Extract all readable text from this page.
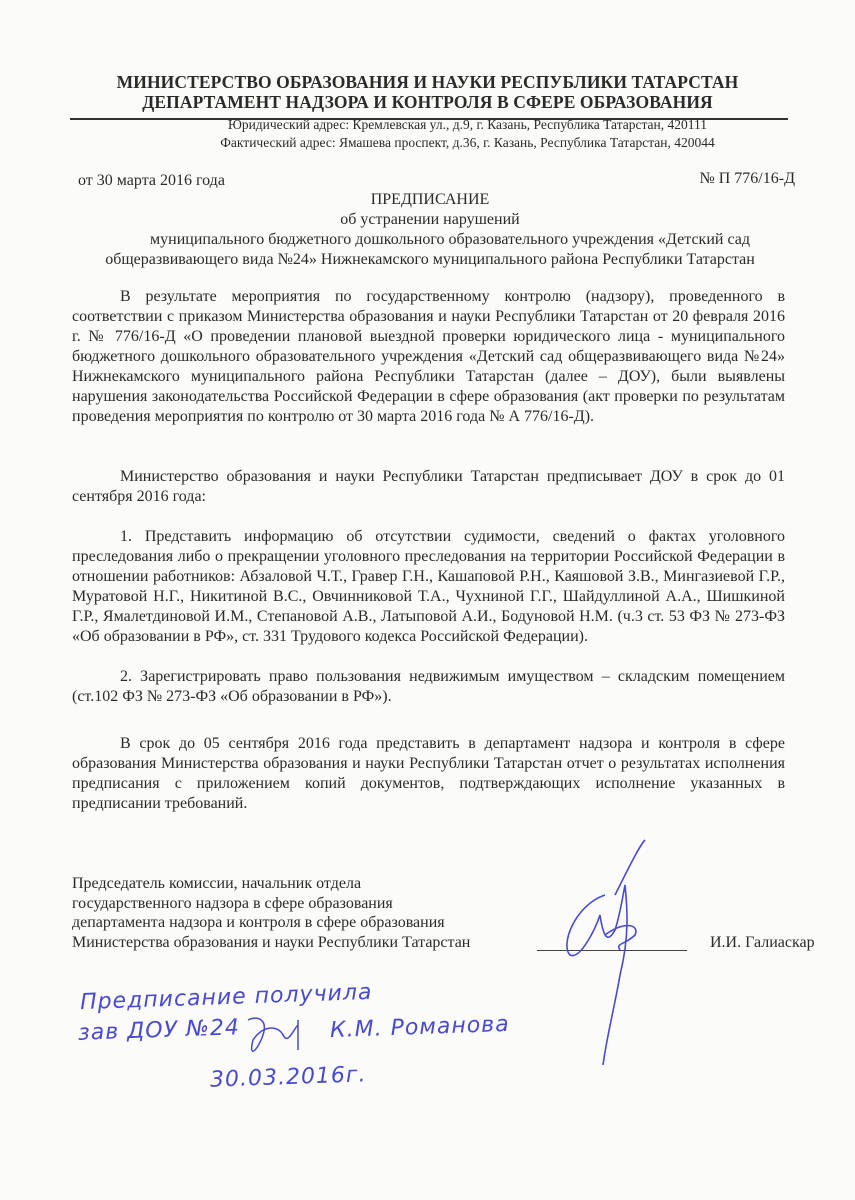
МИНИСТЕРСТВО ОБРАЗОВАНИЯ И НАУКИ РЕСПУБЛИКИ ТАТАРСТАН
ДЕПАРТАМЕНТ НАДЗОРА И КОНТРОЛЯ В СФЕРЕ ОБРАЗОВАНИЯ
Юридический адрес: Кремлевская ул., д.9, г. Казань, Республика Татарстан, 420111
Фактический адрес: Ямашева проспект, д.36, г. Казань, Республика Татарстан, 420044
от 30 марта 2016 года	№ П 776/16-Д
ПРЕДПИСАНИЕ
об устранении нарушений
муниципального бюджетного дошкольного образовательного учреждения «Детский сад
общеразвивающего вида №24» Нижнекамского муниципального района Республики Татарстан
В результате мероприятия по государственному контролю (надзору), проведенного в соответствии с приказом Министерства образования и науки Республики Татарстан от 20 февраля 2016 г. № 776/16-Д «О проведении плановой выездной проверки юридического лица - муниципального бюджетного дошкольного образовательного учреждения «Детский сад общеразвивающего вида №24» Нижнекамского муниципального района Республики Татарстан (далее – ДОУ), были выявлены нарушения законодательства Российской Федерации в сфере образования (акт проверки по результатам проведения мероприятия по контролю от 30 марта 2016 года № А 776/16-Д).
Министерство образования и науки Республики Татарстан предписывает ДОУ в срок до 01 сентября 2016 года:
1. Представить информацию об отсутствии судимости, сведений о фактах уголовного преследования либо о прекращении уголовного преследования на территории Российской Федерации в отношении работников: Абзаловой Ч.Т., Гравер Г.Н., Кашаповой Р.Н., Каяшовой З.В., Мингазиевой Г.Р., Муратовой Н.Г., Никитиной В.С., Овчинниковой Т.А., Чухниной Г.Г., Шайдуллиной А.А., Шишкиной Г.Р., Ямалетдиновой И.М., Степановой А.В., Латыповой А.И., Бодуновой Н.М. (ч.3 ст. 53 ФЗ № 273-ФЗ «Об образовании в РФ», ст. 331 Трудового кодекса Российской Федерации).
2. Зарегистрировать право пользования недвижимым имуществом – складским помещением (ст.102 ФЗ № 273-ФЗ «Об образовании в РФ»).
В срок до 05 сентября 2016 года представить в департамент надзора и контроля в сфере образования Министерства образования и науки Республики Татарстан отчет о результатах исполнения предписания с приложением копий документов, подтверждающих исполнение указанных в предписании требований.
Председатель комиссии, начальник отдела
государственного надзора в сфере образования
департамента надзора и контроля в сфере образования
Министерства образования и науки Республики Татарстан	И.И. Галиаскар
Предписание получила
зав ДОУ №24	К.М. Романова
30.03.2016г.
